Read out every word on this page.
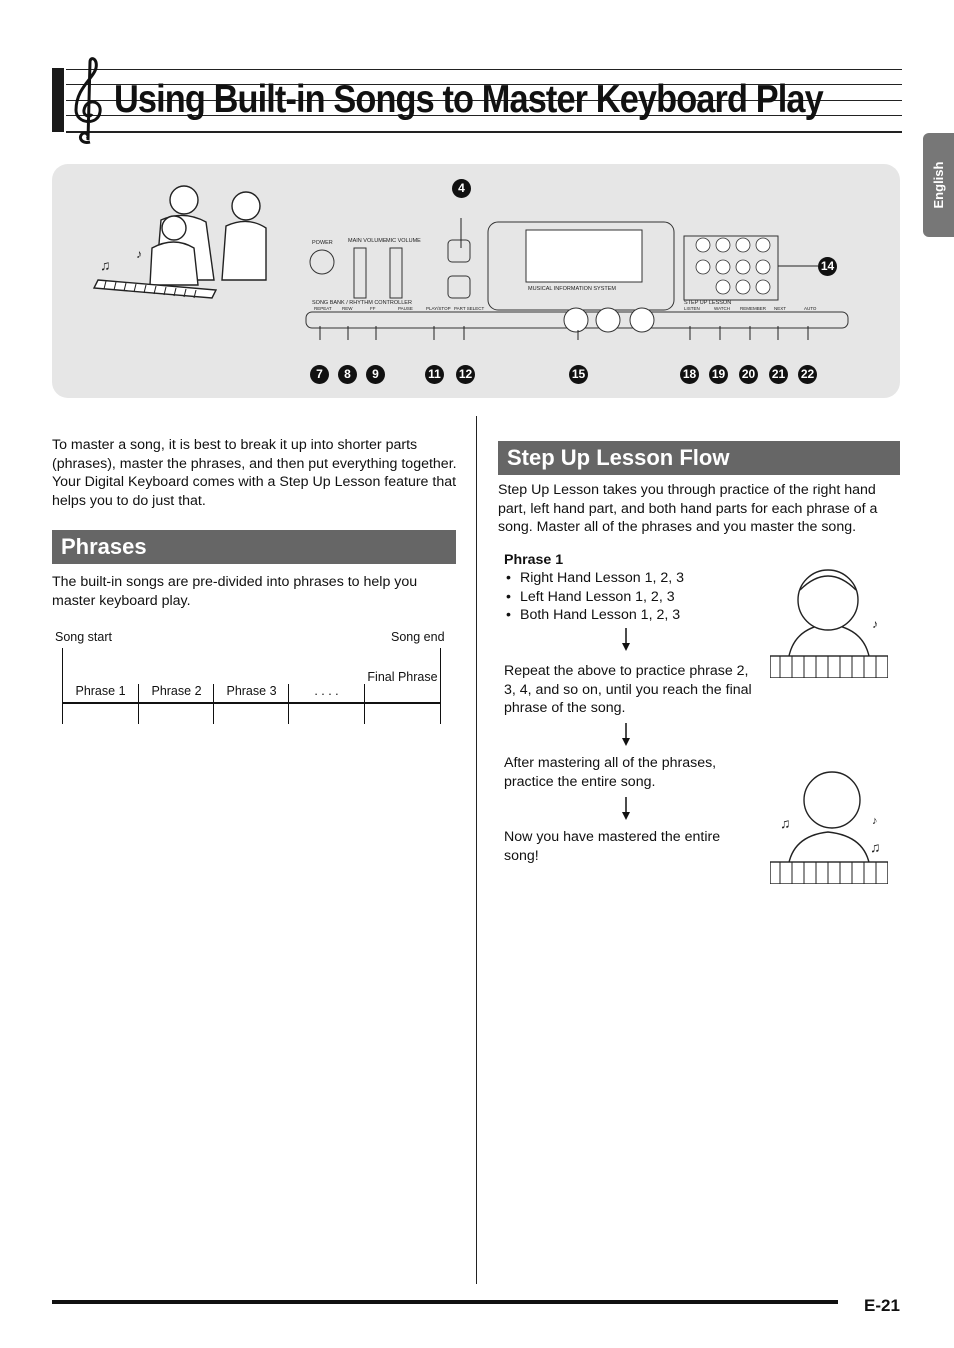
Using Built-in Songs to Master Keyboard Play
English
♫
♪
POWER	MAIN VOLUME MIC VOLUME
SONG BANK / RHYTHM CONTROLLER
MUSICAL INFORMATION SYSTEM
STEP UP LESSON
REPEAT REW	FF	PAUSE	PLAY/STOP PART SELECT	LISTEN	WATCH REMEMBER NEXT	AUTO
4
14
7	8	9	11 12	15	18 19 20 21 22
To master a song, it is best to break it up into shorter parts (phrases), master the phrases, and then put everything together. Your Digital Keyboard comes with a Step Up Lesson feature that helps you to do just that.
Phrases
The built-in songs are pre-divided into phrases to help you master keyboard play.
Song start	Song end
Phrase 1	Phrase 2	Phrase 3	. . . .
Final Phrase
Step Up Lesson Flow
Step Up Lesson takes you through practice of the right hand part, left hand part, and both hand parts for each phrase of a song. Master all of the phrases and you master the song.
Phrase 1
• Right Hand Lesson 1, 2, 3
• Left Hand Lesson 1, 2, 3
• Both Hand Lesson 1, 2, 3
Repeat the above to practice phrase 2, 3, 4, and so on, until you reach the final phrase of the song.
After mastering all of the phrases, practice the entire song.
Now you have mastered the entire song!
♪
♫
♫
♪
E-21
